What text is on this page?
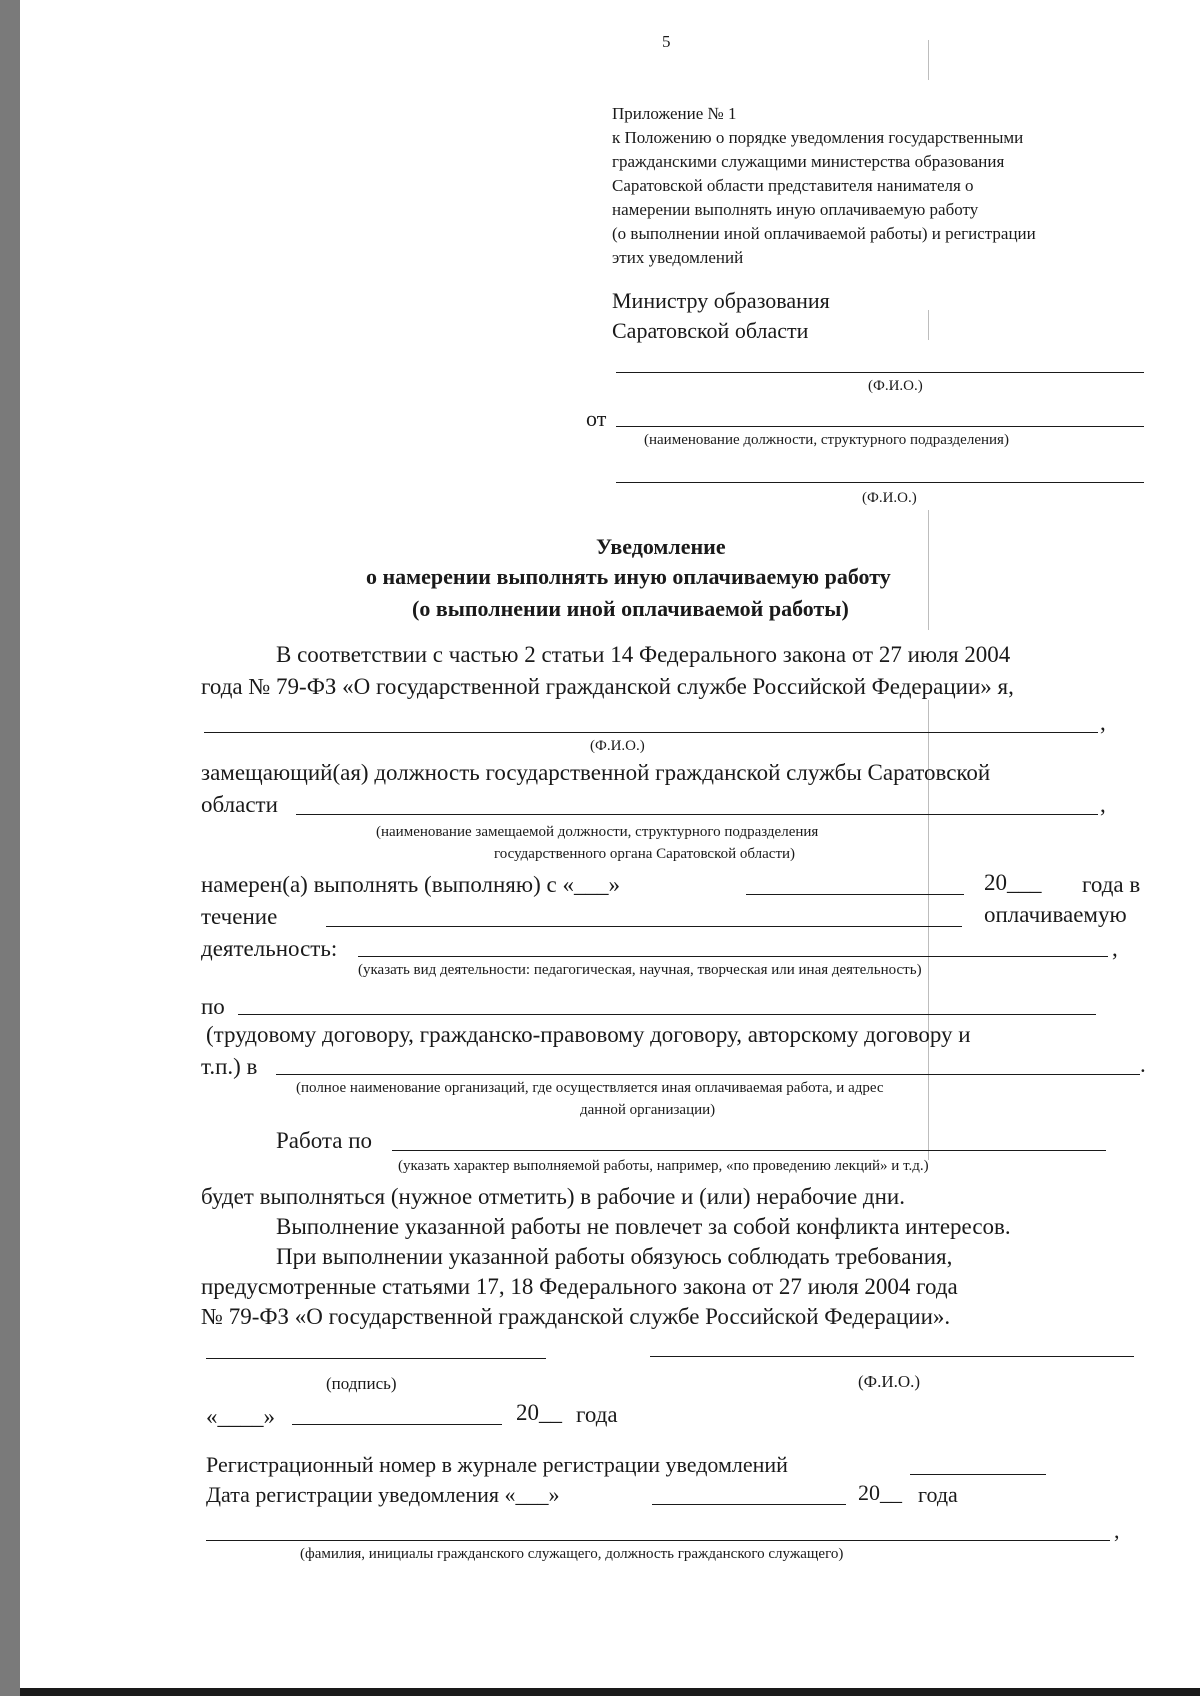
5
Приложение № 1
к Положению о порядке уведомления государственными
гражданскими служащими министерства образования
Саратовской области представителя нанимателя о
намерении выполнять иную оплачиваемую работу
(о выполнении иной оплачиваемой работы) и регистрации
этих уведомлений
Министру образования
Саратовской области
(Ф.И.О.)
от
(наименование должности, структурного подразделения)
(Ф.И.О.)
Уведомление
о намерении выполнять иную оплачиваемую работу
(о выполнении иной оплачиваемой работы)
В соответствии с частью 2 статьи 14 Федерального закона от 27 июля 2004
года № 79-ФЗ «О государственной гражданской службе Российской Федерации» я,
,
(Ф.И.О.)
замещающий(ая) должность государственной гражданской службы Саратовской
области	,
(наименование замещаемой должности, структурного подразделения
государственного органа Саратовской области)
намерен(а) выполнять (выполняю) с «___»	20___ года в
течение	оплачиваемую
деятельность:	,
(указать вид деятельности: педагогическая, научная, творческая или иная деятельность)
по
(трудовому договору, гражданско-правовому договору, авторскому договору и
т.п.) в	.
(полное наименование организаций, где осуществляется иная оплачиваемая работа, и адрес
данной организации)
Работа по
(указать характер выполняемой работы, например, «по проведению лекций» и т.д.)
будет выполняться (нужное отметить) в рабочие и (или) нерабочие дни.
Выполнение указанной работы не повлечет за собой конфликта интересов.
При выполнении указанной работы обязуюсь соблюдать требования,
предусмотренные статьями 17, 18 Федерального закона от 27 июля 2004 года
№ 79-ФЗ «О государственной гражданской службе Российской Федерации».
(подпись)	(Ф.И.О.)
«____»	20__ года
Регистрационный номер в журнале регистрации уведомлений
Дата регистрации уведомления «___»	20__ года
,
(фамилия, инициалы гражданского служащего, должность гражданского служащего)
